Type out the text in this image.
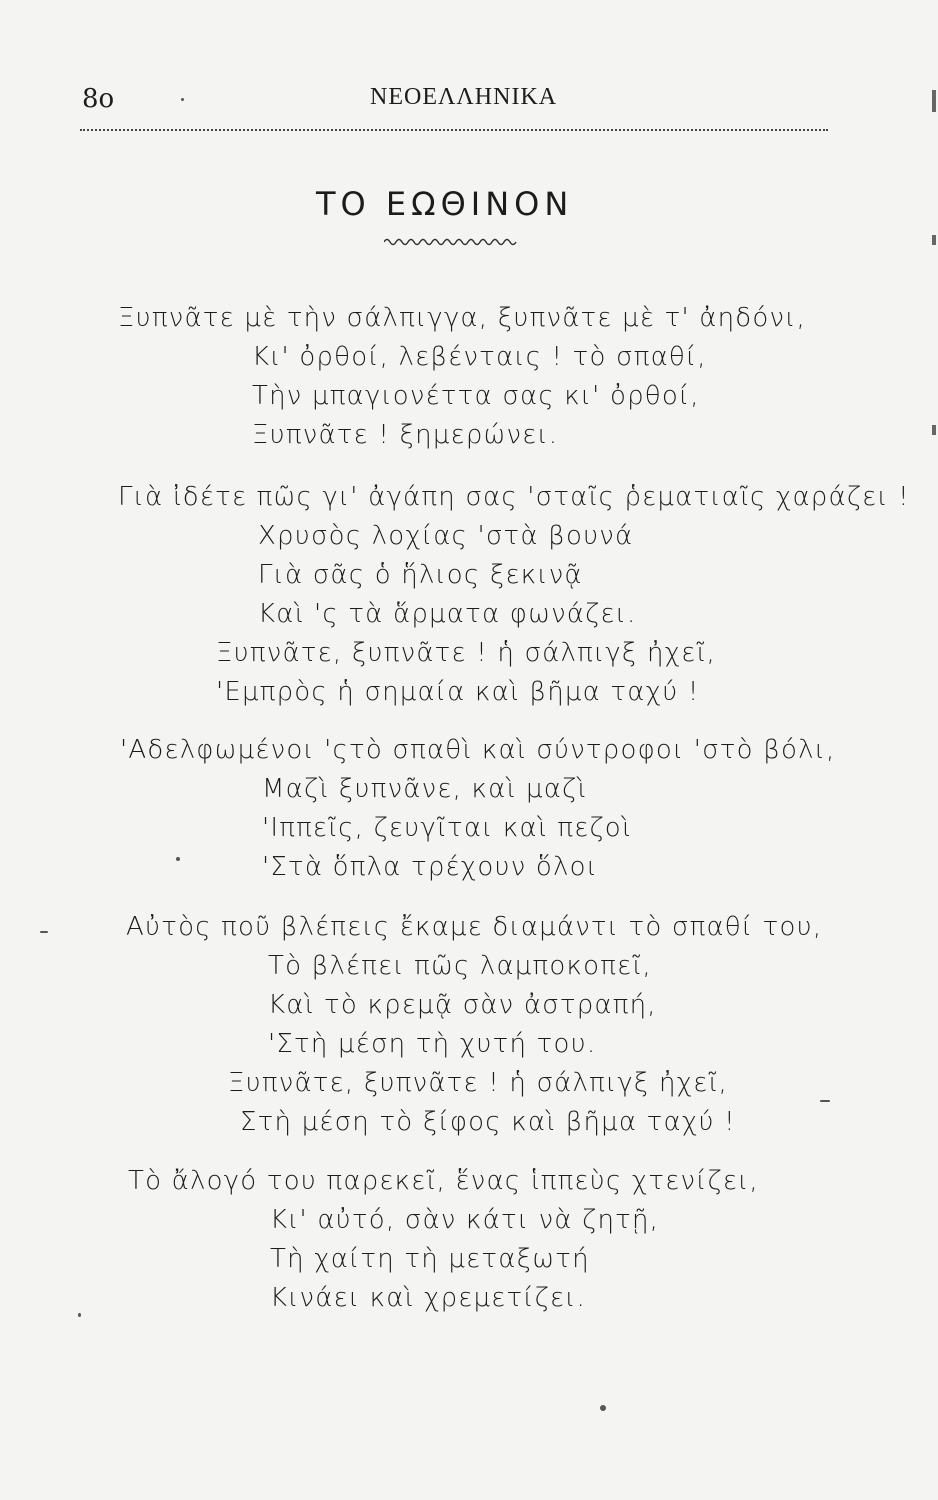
8o	ΝΕΟΕΛΛΗΝΙΚΑ
ΤΟ ΕΩΘΙΝΟΝ
Ξυπνᾶτε μὲ τὴν σάλπιγγα, ξυπνᾶτε μὲ τ' ἀηδόνι,
Κι' ὀρθοί, λεβένταις ! τὸ σπαθί,
Τὴν μπαγιονέττα σας κι' ὀρθοί,
Ξυπνᾶτε ! ξημερώνει.
Γιὰ ἰδέτε πῶς γι' ἀγάπη σας 'σταῖς ῥεματιαῖς χαράζει !
Χρυσὸς λοχίας 'στὰ βουνά
Γιὰ σᾶς ὁ ἥλιος ξεκινᾷ
Καὶ 'ς τὰ ἅρματα φωνάζει.
Ξυπνᾶτε, ξυπνᾶτε ! ἡ σάλπιγξ ἠχεῖ,
'Εμπρὸς ἡ σημαία καὶ βῆμα ταχύ !
'Αδελφωμένοι 'ςτὸ σπαθὶ καὶ σύντροφοι 'στὸ βόλι,
Μαζὶ ξυπνᾶνε, καὶ μαζὶ
'Ιππεῖς, ζευγῖται καὶ πεζοὶ
'Στὰ ὅπλα τρέχουν ὅλοι
Αὐτὸς ποῦ βλέπεις ἔκαμε διαμάντι τὸ σπαθί του,
Τὸ βλέπει πῶς λαμποκοπεῖ,
Καὶ τὸ κρεμᾷ σὰν ἀστραπή,
'Στὴ μέση τὴ χυτή του.
Ξυπνᾶτε, ξυπνᾶτε ! ἡ σάλπιγξ ἠχεῖ,
Στὴ μέση τὸ ξίφος καὶ βῆμα ταχύ !
Τὸ ἄλογό του παρεκεῖ, ἕνας ἱππεὺς χτενίζει,
Κι' αὐτό, σὰν κάτι νὰ ζητῇ,
Τὴ χαίτη τὴ μεταξωτή
Κινάει καὶ χρεμετίζει.
